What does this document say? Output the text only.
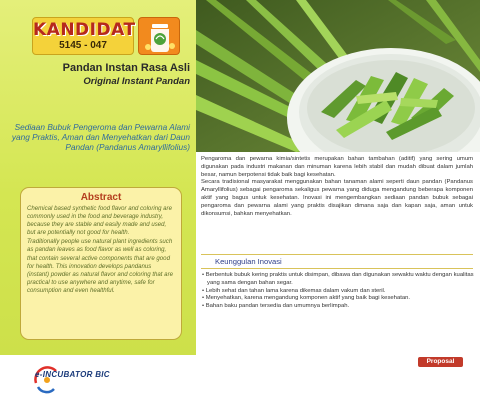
KANDIDAT
5145 - 047
Pandan Instan Rasa Asli
Original Instant Pandan
Sediaan Bubuk Pengeroma dan Pewarna Alami yang Praktis, Aman dan Menyehatkan dari Daun Pandan (Pandanus Amaryllifolius)
Abstract

Chemical based synthetic food flavor and coloring are commonly used in the food and beverage industry, because they are stable and easily made and used, but are potentially not good for health.

Traditionally people use natural plant ingredients such as pandan leaves as food flavor as well as coloring, that contain several active components that are good for health. This innovation develops pandanus (instant) powder as natural flavor and coloring that are practical to use anywhere and anytime, safe for consumption and even healthful.

Pengaroma dan pewarna kimia/sintetis merupakan bahan tambahan (aditif) yang sering umum digunakan pada industri makanan dan minuman karena lebih stabil dan mudah dibuat dalam jumlah besar, namun berpotensi tidak baik bagi kesehatan.

Secara tradisional masyarakat menggunakan bahan tanaman alami seperti daun pandan (Pandanus Amaryllifolius) sebagai pengaroma sekaligus pewarna yang diduga mengandung beberapa komponen aktif yang bagus untuk kesehatan. Inovasi ini mengembangkan sediaan pandan bubuk sebagai pengaroma dan pewarna alami yang praktis disajikan dimana saja dan kapan saja, aman untuk dikonsumsi, bahkan menyehatkan.

Keunggulan Inovasi
• Berbentuk bubuk kering praktis untuk disimpan, dibawa dan digunakan sewaktu waktu dengan kualitas yang sama dengan bahan segar.
• Lebih sehat dan tahan lama karena dikemas dalam vakum dan steril.
• Menyehatkan, karena mengandung komponen aktif yang baik bagi kesehatan.
• Bahan baku pandan tersedia dan umumnya berlimpah.
Proposal
e-INCUBATOR BIC
